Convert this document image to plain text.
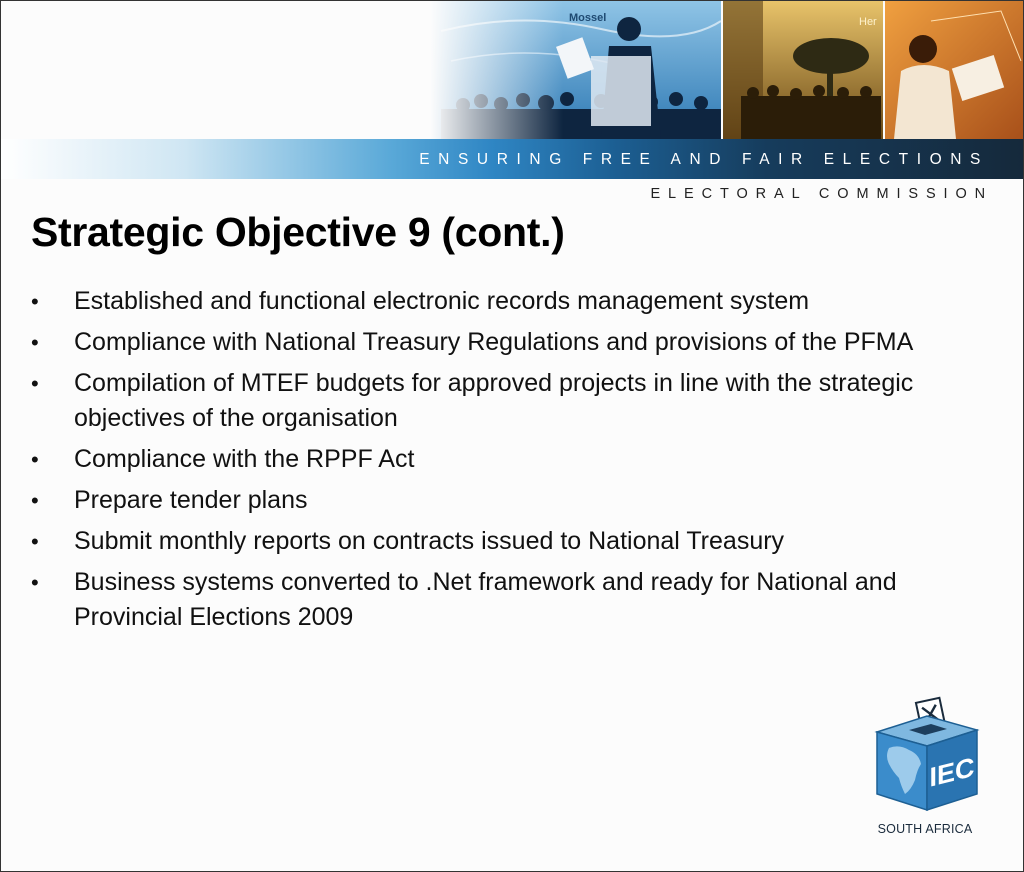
ENSURING FREE AND FAIR ELECTIONS
ELECTORAL COMMISSION
Strategic Objective 9 (cont.)
• Established and functional electronic records management system
• Compliance with National Treasury Regulations and provisions of the PFMA
• Compilation of MTEF budgets for approved projects in line with the strategic objectives of the organisation
• Compliance with the RPPF Act
• Prepare tender plans
• Submit monthly reports on contracts issued to National Treasury
• Business systems converted to .Net framework and ready for National and Provincial Elections 2009
IEC
SOUTH AFRICA
